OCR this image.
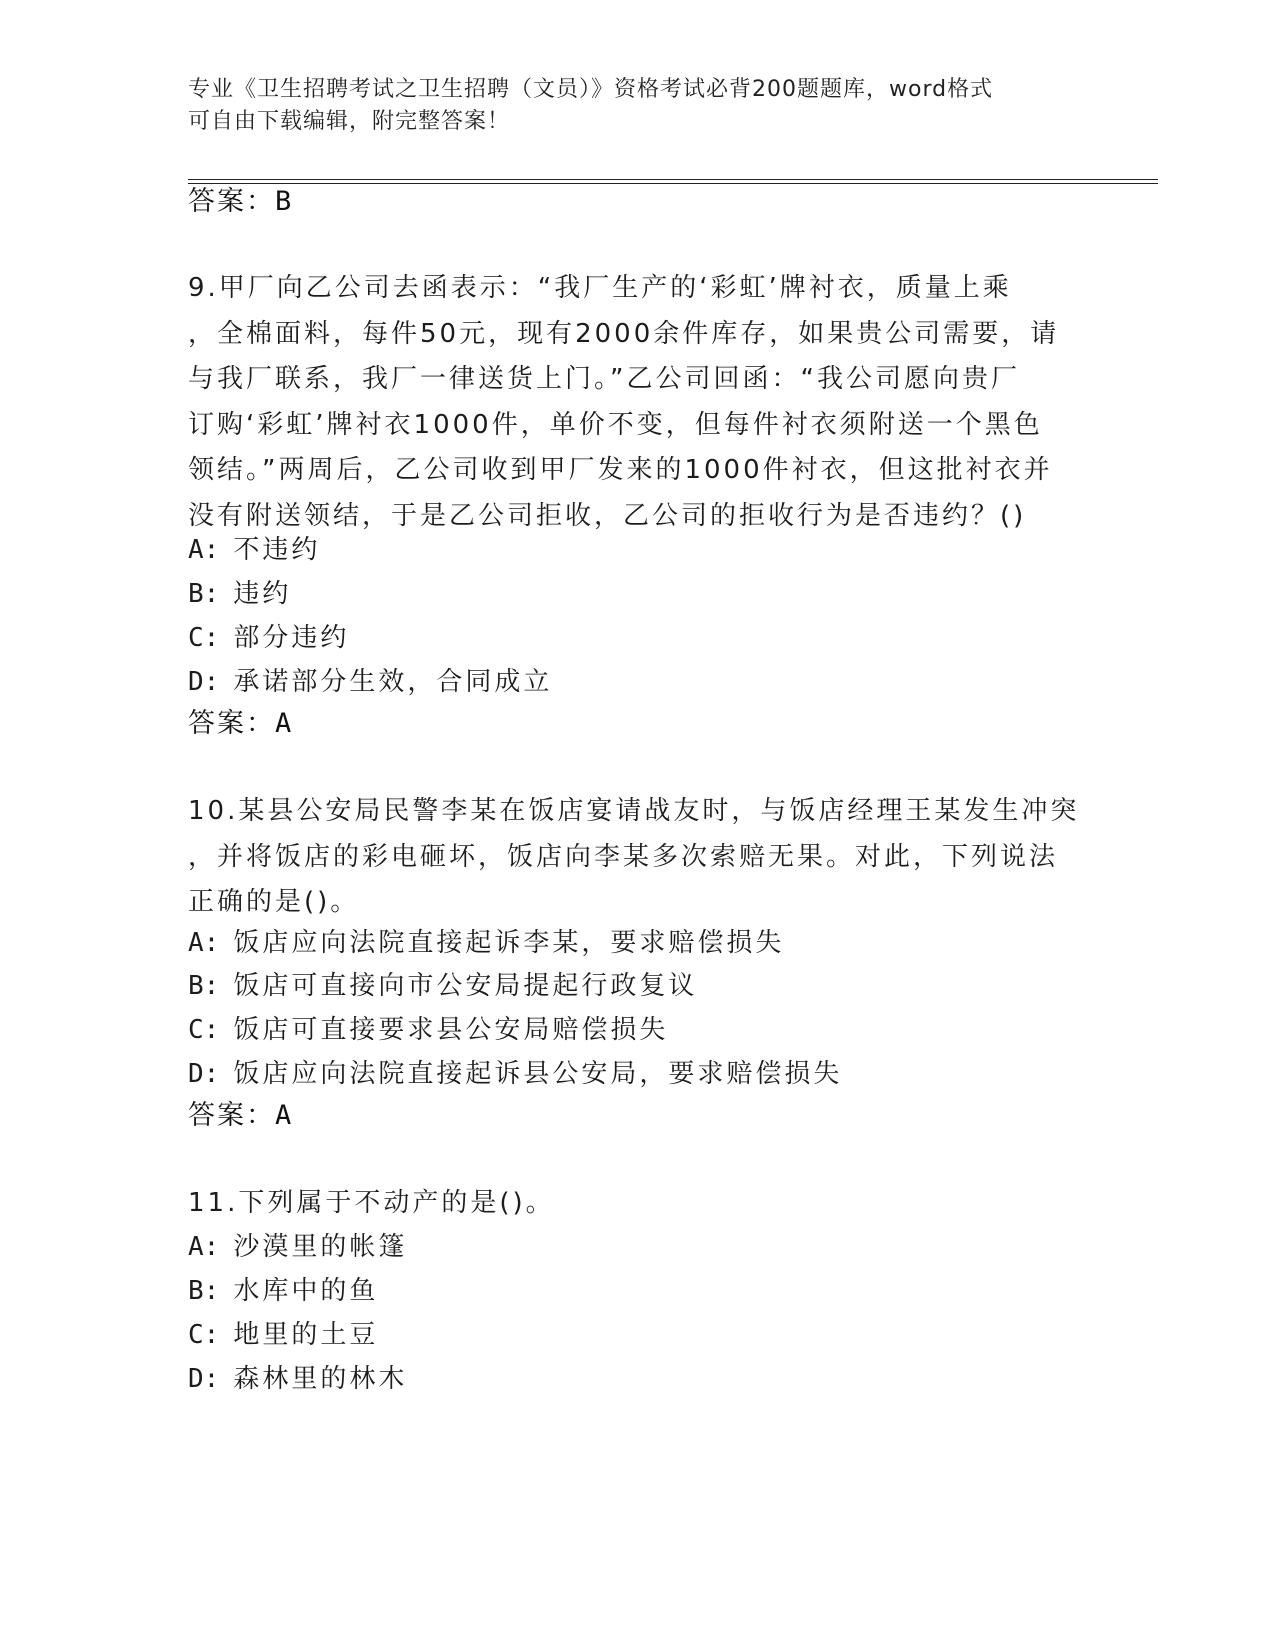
专业《卫生招聘考试之卫生招聘（文员）》资格考试必背200题题库，word格式
可自由下载编辑，附完整答案！
答案：B
9.甲厂向乙公司去函表示：“我厂生产的‘彩虹’牌衬衣，质量上乘
，全棉面料，每件50元，现有2000余件库存，如果贵公司需要，请
与我厂联系，我厂一律送货上门。”乙公司回函：“我公司愿向贵厂
订购‘彩虹’牌衬衣1000件，单价不变，但每件衬衣须附送一个黑色
领结。”两周后，乙公司收到甲厂发来的1000件衬衣，但这批衬衣并
没有附送领结，于是乙公司拒收，乙公司的拒收行为是否违约？()
A: 不违约
B: 违约
C: 部分违约
D: 承诺部分生效，合同成立
答案：A
10.某县公安局民警李某在饭店宴请战友时，与饭店经理王某发生冲突
，并将饭店的彩电砸坏，饭店向李某多次索赔无果。对此，下列说法
正确的是()。
A: 饭店应向法院直接起诉李某，要求赔偿损失
B: 饭店可直接向市公安局提起行政复议
C: 饭店可直接要求县公安局赔偿损失
D: 饭店应向法院直接起诉县公安局，要求赔偿损失
答案：A
11.下列属于不动产的是()。
A: 沙漠里的帐篷
B: 水库中的鱼
C: 地里的土豆
D: 森林里的林木
